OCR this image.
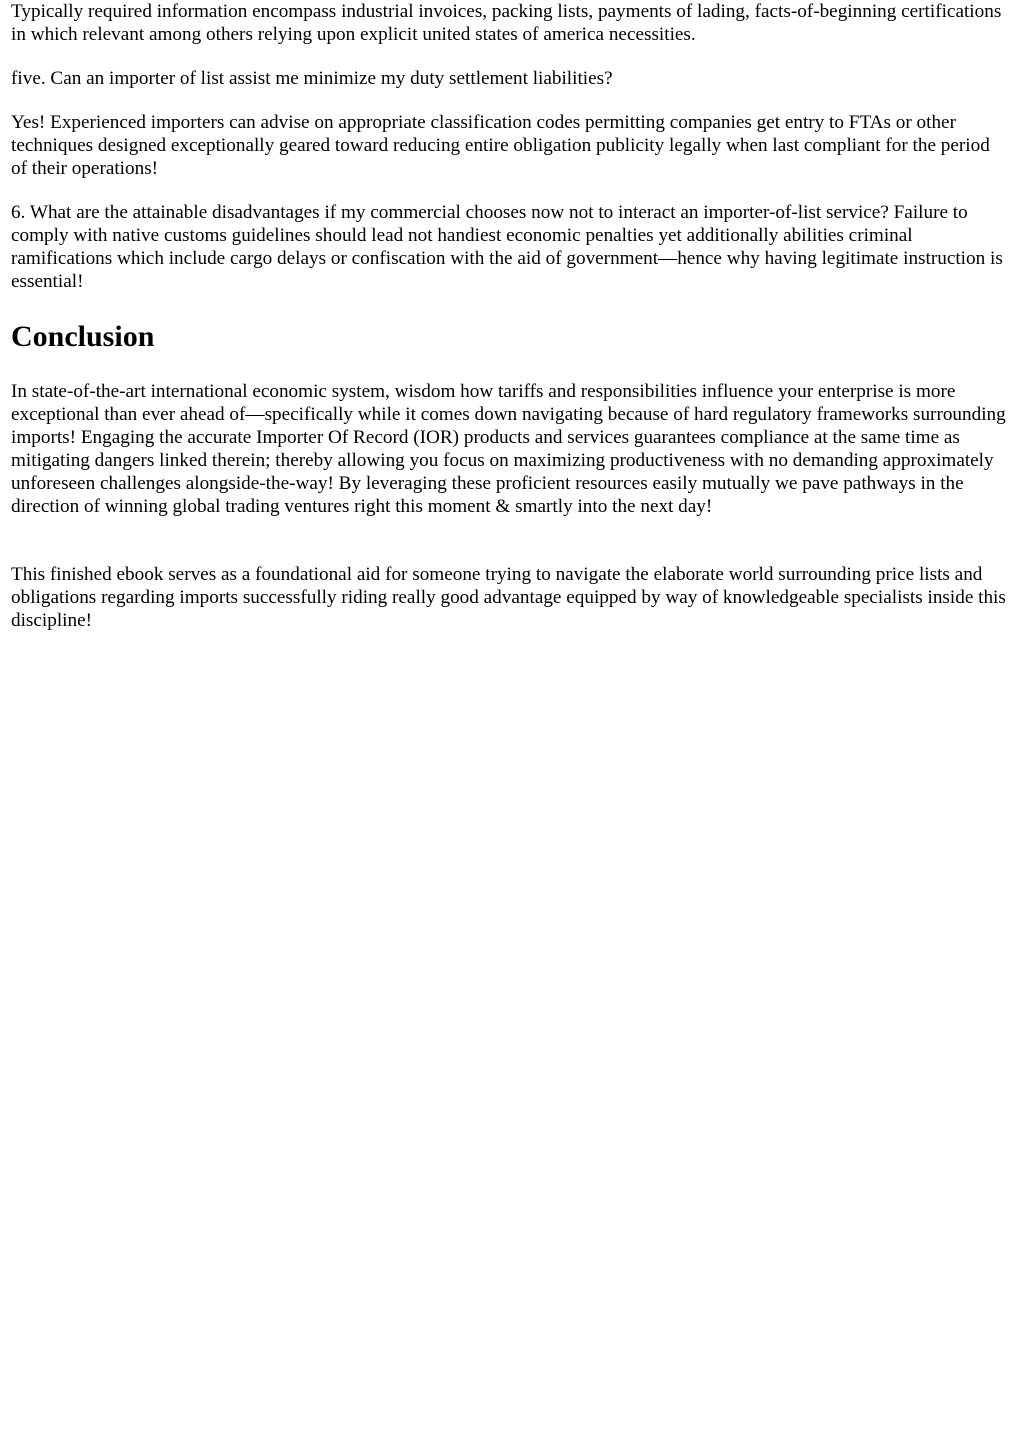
Typically required information encompass industrial invoices, packing lists, payments of lading, facts-of-beginning certifications in which relevant among others relying upon explicit united states of america necessities.

five. Can an importer of list assist me minimize my duty settlement liabilities?

Yes! Experienced importers can advise on appropriate classification codes permitting companies get entry to FTAs or other techniques designed exceptionally geared toward reducing entire obligation publicity legally when last compliant for the period of their operations!

6. What are the attainable disadvantages if my commercial chooses now not to interact an importer-of-list service? Failure to comply with native customs guidelines should lead not handiest economic penalties yet additionally abilities criminal ramifications which include cargo delays or confiscation with the aid of government—hence why having legitimate instruction is essential!

Conclusion

In state-of-the-art international economic system, wisdom how tariffs and responsibilities influence your enterprise is more exceptional than ever ahead of—specifically while it comes down navigating because of hard regulatory frameworks surrounding imports! Engaging the accurate Importer Of Record (IOR) products and services guarantees compliance at the same time as mitigating dangers linked therein; thereby allowing you focus on maximizing productiveness with no demanding approximately unforeseen challenges alongside-the-way! By leveraging these proficient resources easily mutually we pave pathways in the direction of winning global trading ventures right this moment & smartly into the next day!

This finished ebook serves as a foundational aid for someone trying to navigate the elaborate world surrounding price lists and obligations regarding imports successfully riding really good advantage equipped by way of knowledgeable specialists inside this discipline!
